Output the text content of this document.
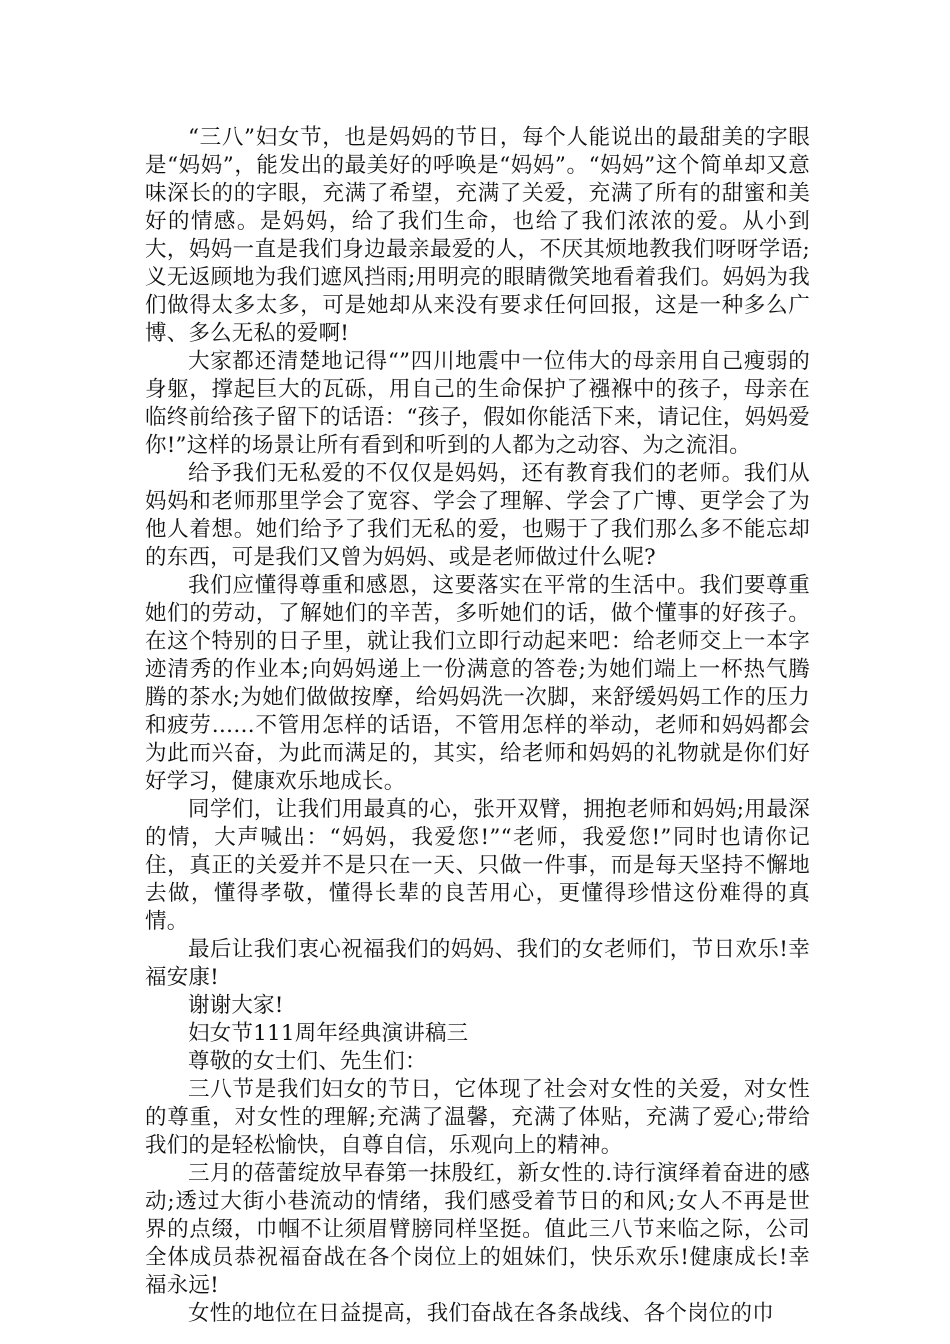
“三八”妇女节，也是妈妈的节日，每个人能说出的最甜美的字眼是“妈妈”，能发出的最美好的呼唤是“妈妈”。“妈妈”这个简单却又意味深长的的字眼，充满了希望，充满了关爱，充满了所有的甜蜜和美好的情感。是妈妈，给了我们生命，也给了我们浓浓的爱。从小到大，妈妈一直是我们身边最亲最爱的人，不厌其烦地教我们呀呀学语;义无返顾地为我们遮风挡雨;用明亮的眼睛微笑地看着我们。妈妈为我们做得太多太多，可是她却从来没有要求任何回报，这是一种多么广博、多么无私的爱啊!

大家都还清楚地记得“”四川地震中一位伟大的母亲用自己瘦弱的身躯，撑起巨大的瓦砾，用自己的生命保护了襁褓中的孩子，母亲在临终前给孩子留下的话语：“孩子，假如你能活下来，请记住，妈妈爱你!”这样的场景让所有看到和听到的人都为之动容、为之流泪。

给予我们无私爱的不仅仅是妈妈，还有教育我们的老师。我们从妈妈和老师那里学会了宽容、学会了理解、学会了广博、更学会了为他人着想。她们给予了我们无私的爱，也赐于了我们那么多不能忘却的东西，可是我们又曾为妈妈、或是老师做过什么呢?

我们应懂得尊重和感恩，这要落实在平常的生活中。我们要尊重她们的劳动，了解她们的辛苦，多听她们的话，做个懂事的好孩子。在这个特别的日子里，就让我们立即行动起来吧：给老师交上一本字迹清秀的作业本;向妈妈递上一份满意的答卷;为她们端上一杯热气腾腾的茶水;为她们做做按摩，给妈妈洗一次脚，来舒缓妈妈工作的压力和疲劳……不管用怎样的话语，不管用怎样的举动，老师和妈妈都会为此而兴奋，为此而满足的，其实，给老师和妈妈的礼物就是你们好好学习，健康欢乐地成长。

同学们，让我们用最真的心，张开双臂，拥抱老师和妈妈;用最深的情，大声喊出：“妈妈，我爱您!”“老师，我爱您!”同时也请你记住，真正的关爱并不是只在一天、只做一件事，而是每天坚持不懈地去做，懂得孝敬，懂得长辈的良苦用心，更懂得珍惜这份难得的真情。

最后让我们衷心祝福我们的妈妈、我们的女老师们，节日欢乐!幸福安康!

谢谢大家!

妇女节111周年经典演讲稿三

尊敬的女士们、先生们：

三八节是我们妇女的节日，它体现了社会对女性的关爱，对女性的尊重，对女性的理解;充满了温馨，充满了体贴，充满了爱心;带给我们的是轻松愉快，自尊自信，乐观向上的精神。

三月的蓓蕾绽放早春第一抹殷红，新女性的.诗行演绎着奋进的感动;透过大街小巷流动的情绪，我们感受着节日的和风;女人不再是世界的点缀，巾帼不让须眉臂膀同样坚挺。值此三八节来临之际，公司全体成员恭祝福奋战在各个岗位上的姐妹们，快乐欢乐!健康成长!幸福永远!

女性的地位在日益提高，我们奋战在各条战线、各个岗位的巾
